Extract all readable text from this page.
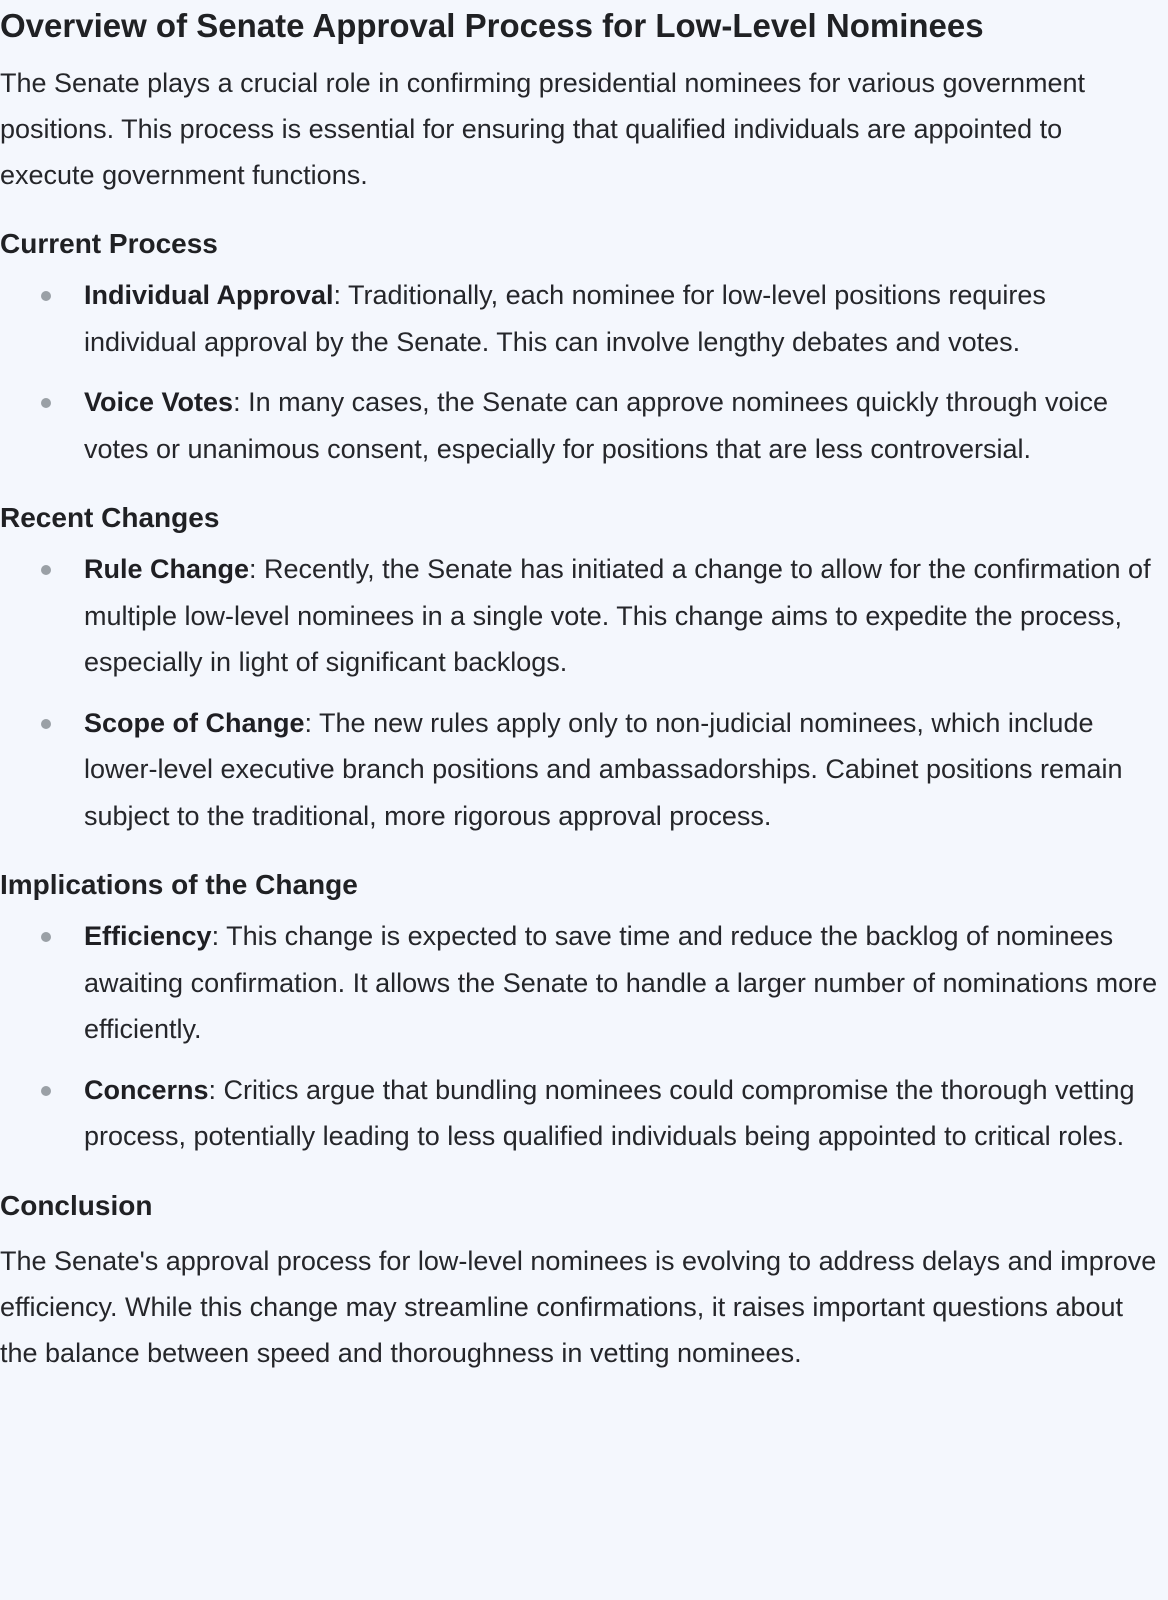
Overview of Senate Approval Process for Low-Level Nominees

The Senate plays a crucial role in confirming presidential nominees for various government positions. This process is essential for ensuring that qualified individuals are appointed to execute government functions.

Current Process
Individual Approval: Traditionally, each nominee for low-level positions requires individual approval by the Senate. This can involve lengthy debates and votes.
Voice Votes: In many cases, the Senate can approve nominees quickly through voice votes or unanimous consent, especially for positions that are less controversial.
Recent Changes
Rule Change: Recently, the Senate has initiated a change to allow for the confirmation of multiple low-level nominees in a single vote. This change aims to expedite the process, especially in light of significant backlogs.
Scope of Change: The new rules apply only to non-judicial nominees, which include lower-level executive branch positions and ambassadorships. Cabinet positions remain subject to the traditional, more rigorous approval process.
Implications of the Change
Efficiency: This change is expected to save time and reduce the backlog of nominees awaiting confirmation. It allows the Senate to handle a larger number of nominations more efficiently.
Concerns: Critics argue that bundling nominees could compromise the thorough vetting process, potentially leading to less qualified individuals being appointed to critical roles.
Conclusion

The Senate's approval process for low-level nominees is evolving to address delays and improve efficiency. While this change may streamline confirmations, it raises important questions about the balance between speed and thoroughness in vetting nominees.
